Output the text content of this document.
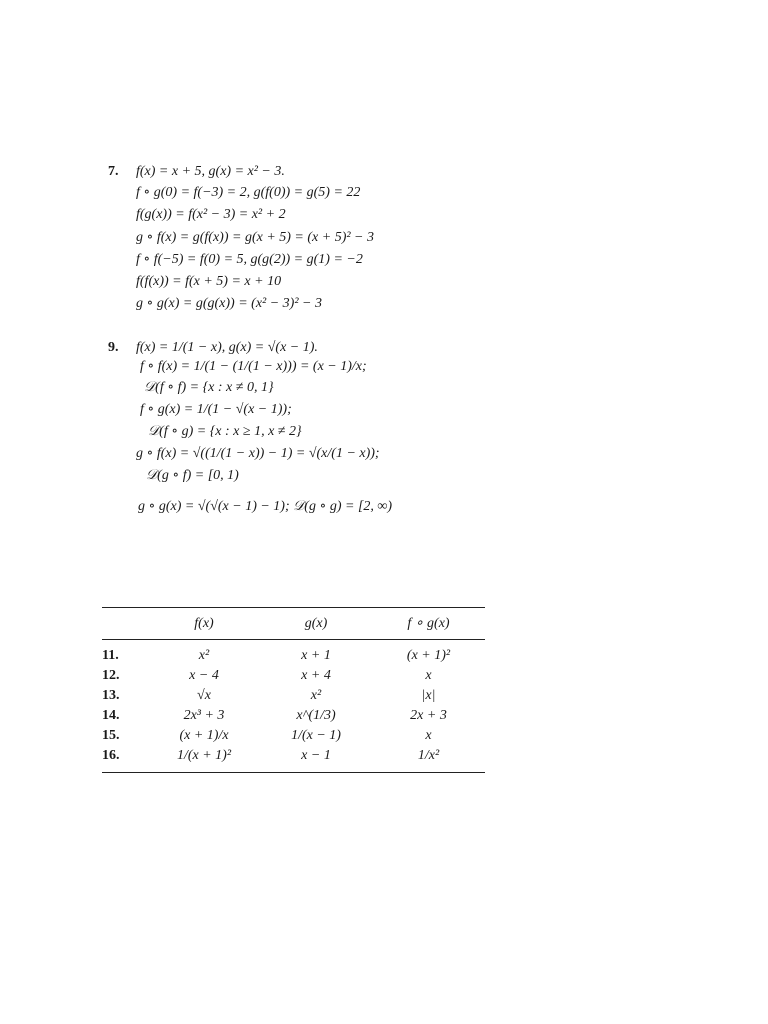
7. f(x) = x + 5, g(x) = x² − 3.
f ∘ g(0) = f(−3) = 2, g(f(0)) = g(5) = 22
f(g(x)) = f(x² − 3) = x² + 2
g ∘ f(x) = g(f(x)) = g(x + 5) = (x + 5)² − 3
f ∘ f(−5) = f(0) = 5, g(g(2)) = g(1) = −2
f(f(x)) = f(x + 5) = x + 10
g ∘ g(x) = g(g(x)) = (x² − 3)² − 3
9. f(x) = 1/(1 − x), g(x) = √(x − 1).
f ∘ f(x) = 1/(1 − (1/(1 − x))) = (x − 1)/x;
𝒟(f ∘ f) = {x : x ≠ 0, 1}
f ∘ g(x) = 1/(1 − √(x − 1));
𝒟(f ∘ g) = {x : x ≥ 1, x ≠ 2}
g ∘ f(x) = √((1/(1 − x)) − 1) = √(x/(1 − x));
𝒟(g ∘ f) = [0, 1)
g ∘ g(x) = √(√(x − 1) − 1); 𝒟(g ∘ g) = [2, ∞)
	f(x)	g(x)	f ∘ g(x)
11.	x²	x + 1	(x + 1)²
12.	x − 4	x + 4	x
13.	√x	x²	|x|
14.	2x³ + 3	x^(1/3)	2x + 3
15.	(x + 1)/x	1/(x − 1)	x
16.	1/(x + 1)²	x − 1	1/x²
